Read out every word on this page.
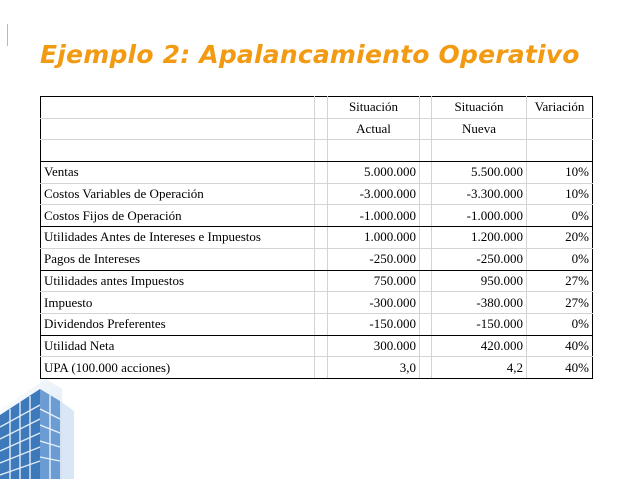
Ejemplo 2: Apalancamiento Operativo
		Situación		Situación	Variación
		Actual		Nueva	

Ventas		5.000.000		5.500.000	10%
Costos Variables de Operación		-3.000.000		-3.300.000	10%
Costos Fijos de Operación		-1.000.000		-1.000.000	0%
Utilidades Antes de Intereses e Impuestos		1.000.000		1.200.000	20%
Pagos de Intereses		-250.000		-250.000	0%
Utilidades antes Impuestos		750.000		950.000	27%
Impuesto		-300.000		-380.000	27%
Dividendos Preferentes		-150.000		-150.000	0%
Utilidad Neta		300.000		420.000	40%
UPA (100.000 acciones)		3,0		4,2	40%
